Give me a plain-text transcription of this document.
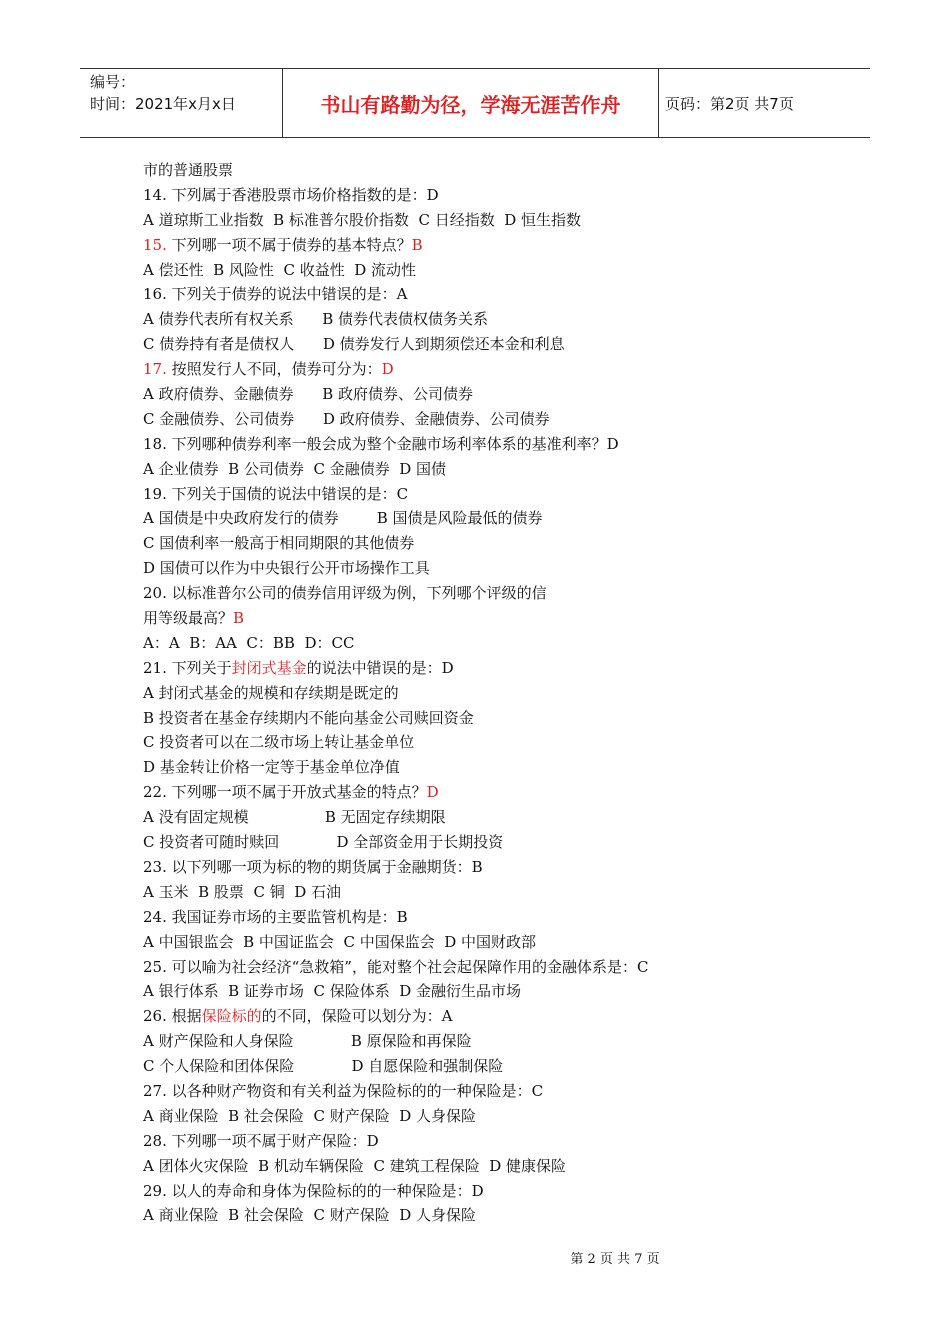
编号：
时间：2021年x月x日	书山有路勤为径，学海无涯苦作舟	页码：第2页 共7页
市的普通股票
14. 下列属于香港股票市场价格指数的是：D
A 道琼斯工业指数  B 标准普尔股价指数  C 日经指数  D 恒生指数
15. 下列哪一项不属于债券的基本特点？B
A 偿还性  B 风险性  C 收益性  D 流动性
16. 下列关于债券的说法中错误的是：A
A 债券代表所有权关系      B 债券代表债权债务关系
C 债券持有者是债权人      D 债券发行人到期须偿还本金和利息
17. 按照发行人不同，债券可分为：D
A 政府债券、金融债券      B 政府债券、公司债券
C 金融债券、公司债券      D 政府债券、金融债券、公司债券
18. 下列哪种债券利率一般会成为整个金融市场利率体系的基准利率？D
A 企业债券  B 公司债券  C 金融债券  D 国债
19. 下列关于国债的说法中错误的是：C
A 国债是中央政府发行的债券        B 国债是风险最低的债券
C 国债利率一般高于相同期限的其他债券
D 国债可以作为中央银行公开市场操作工具
20. 以标准普尔公司的债券信用评级为例，下列哪个评级的信
用等级最高？B
A：A  B：AA  C：BB  D：CC
21. 下列关于封闭式基金的说法中错误的是：D
A 封闭式基金的规模和存续期是既定的
B 投资者在基金存续期内不能向基金公司赎回资金
C 投资者可以在二级市场上转让基金单位
D 基金转让价格一定等于基金单位净值
22. 下列哪一项不属于开放式基金的特点？D
A 没有固定规模                B 无固定存续期限
C 投资者可随时赎回            D 全部资金用于长期投资
23. 以下列哪一项为标的物的期货属于金融期货：B
A 玉米  B 股票  C 铜  D 石油
24. 我国证券市场的主要监管机构是：B
A 中国银监会  B 中国证监会  C 中国保监会  D 中国财政部
25. 可以喻为社会经济“急救箱”，能对整个社会起保障作用的金融体系是：C
A 银行体系  B 证券市场  C 保险体系  D 金融衍生品市场
26. 根据保险标的的不同，保险可以划分为：A
A 财产保险和人身保险            B 原保险和再保险
C 个人保险和团体保险            D 自愿保险和强制保险
27. 以各种财产物资和有关利益为保险标的的一种保险是：C
A 商业保险  B 社会保险  C 财产保险  D 人身保险
28. 下列哪一项不属于财产保险：D
A 团体火灾保险  B 机动车辆保险  C 建筑工程保险  D 健康保险
29. 以人的寿命和身体为保险标的的一种保险是：D
A 商业保险  B 社会保险  C 财产保险  D 人身保险
第 2 页 共 7 页
